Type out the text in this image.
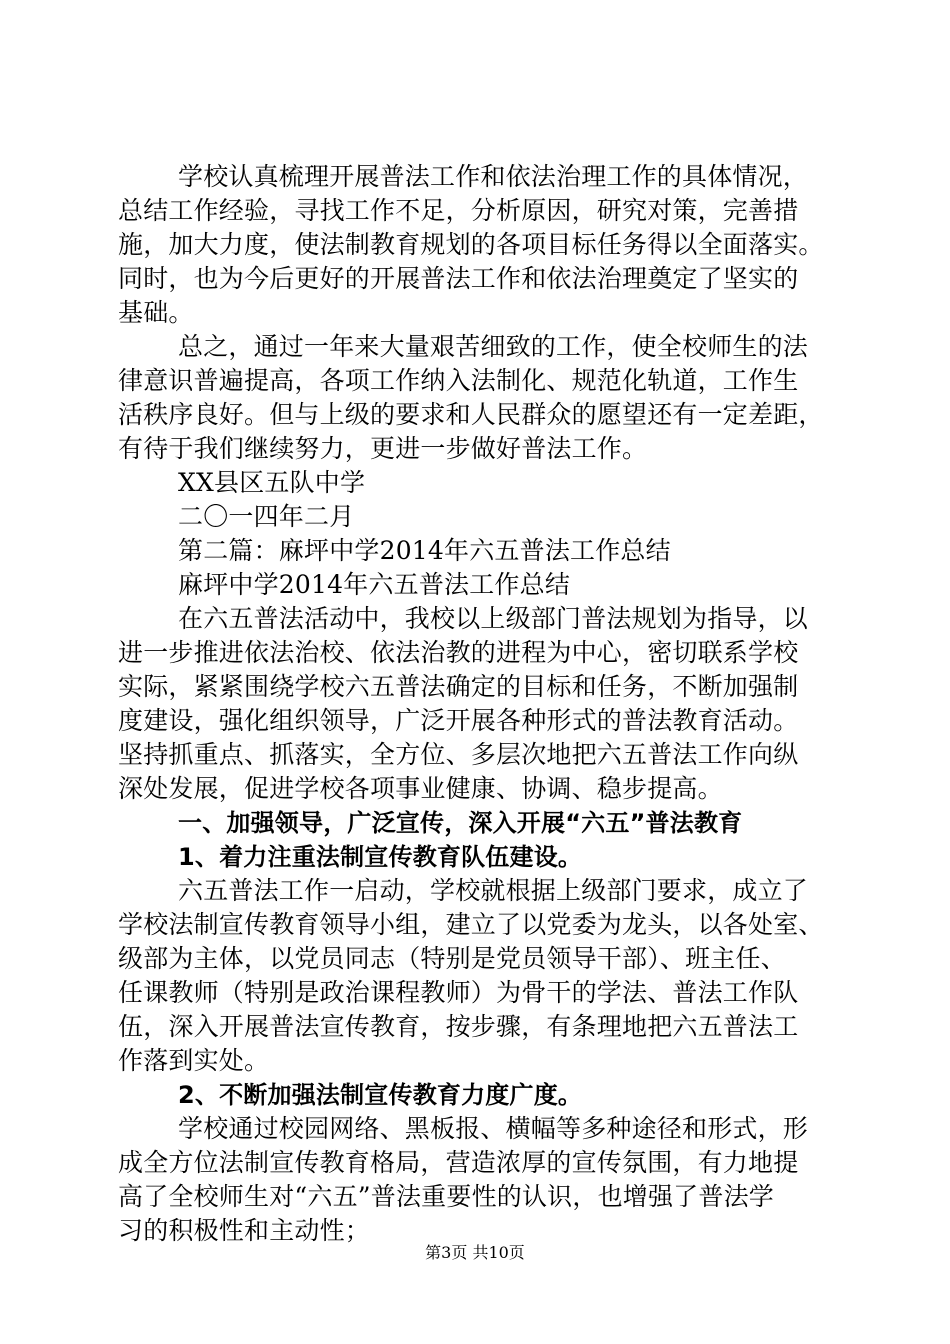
学校认真梳理开展普法工作和依法治理工作的具体情况，
总结工作经验，寻找工作不足，分析原因，研究对策，完善措
施，加大力度，使法制教育规划的各项目标任务得以全面落实。
同时，也为今后更好的开展普法工作和依法治理奠定了坚实的
基础。
总之，通过一年来大量艰苦细致的工作，使全校师生的法
律意识普遍提高，各项工作纳入法制化、规范化轨道，工作生
活秩序良好。但与上级的要求和人民群众的愿望还有一定差距，
有待于我们继续努力，更进一步做好普法工作。
XX县区五队中学
二〇一四年二月
第二篇：麻坪中学2014年六五普法工作总结
麻坪中学2014年六五普法工作总结
在六五普法活动中，我校以上级部门普法规划为指导，以
进一步推进依法治校、依法治教的进程为中心，密切联系学校
实际，紧紧围绕学校六五普法确定的目标和任务，不断加强制
度建设，强化组织领导，广泛开展各种形式的普法教育活动。
坚持抓重点、抓落实，全方位、多层次地把六五普法工作向纵
深处发展，促进学校各项事业健康、协调、稳步提高。
一、加强领导，广泛宣传，深入开展“六五”普法教育
1、着力注重法制宣传教育队伍建设。
六五普法工作一启动，学校就根据上级部门要求，成立了
学校法制宣传教育领导小组，建立了以党委为龙头，以各处室、
级部为主体，以党员同志（特别是党员领导干部）、班主任、
任课教师（特别是政治课程教师）为骨干的学法、普法工作队
伍，深入开展普法宣传教育，按步骤，有条理地把六五普法工
作落到实处。
2、不断加强法制宣传教育力度广度。
学校通过校园网络、黑板报、横幅等多种途径和形式，形
成全方位法制宣传教育格局，营造浓厚的宣传氛围，有力地提
高了全校师生对“六五”普法重要性的认识，也增强了普法学
习的积极性和主动性；
第3页 共10页
